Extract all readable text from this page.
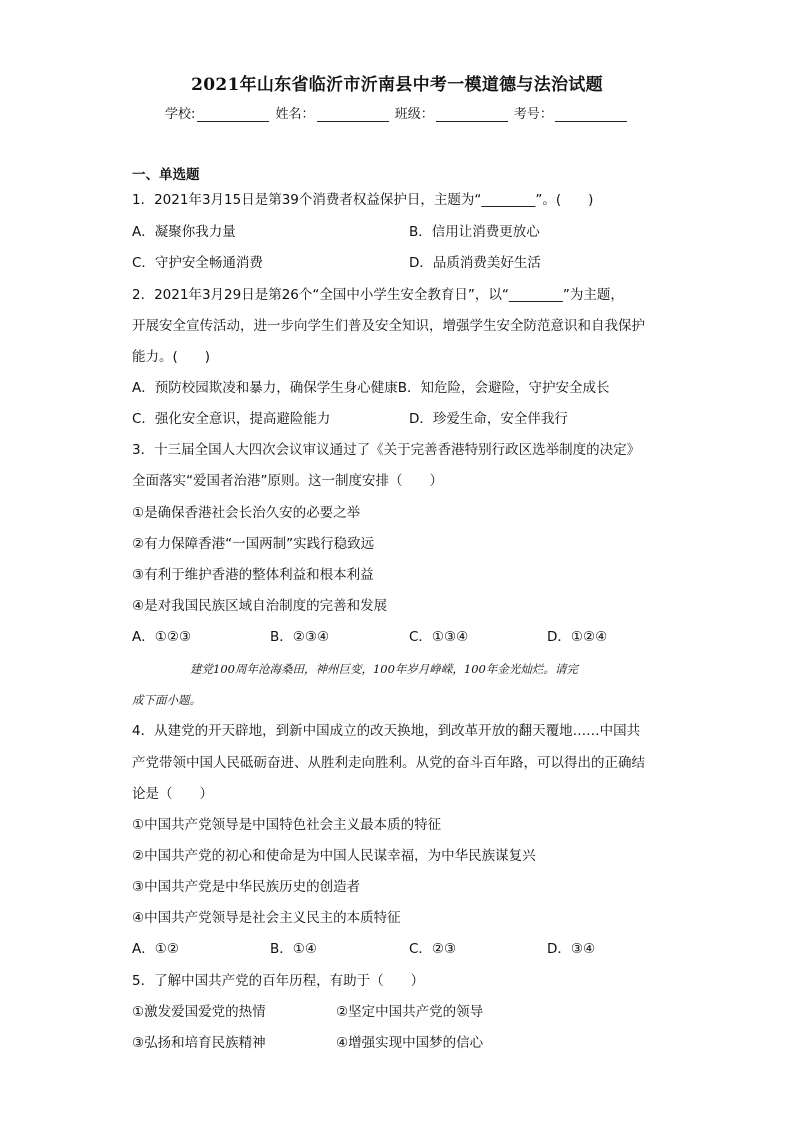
2021年山东省临沂市沂南县中考一模道德与法治试题
学校:	姓名：	班级：	考号：
一、单选题
1．2021年3月15日是第39个消费者权益保护日，主题为“________”。(　　)
A．凝聚你我力量	B．信用让消费更放心
C．守护安全畅通消费	D．品质消费美好生活
2．2021年3月29日是第26个“全国中小学生安全教育日”，以“________”为主题，
开展安全宣传活动，进一步向学生们普及安全知识，增强学生安全防范意识和自我保护
能力。(　　)
A．预防校园欺凌和暴力，确保学生身心健康B．知危险，会避险，守护安全成长
C．强化安全意识，提高避险能力	D．珍爱生命，安全伴我行
3．十三届全国人大四次会议审议通过了《关于完善香港特别行政区选举制度的决定》
全面落实“爱国者治港”原则。这一制度安排（　　）
①是确保香港社会长治久安的必要之举
②有力保障香港“一国两制”实践行稳致远
③有利于维护香港的整体利益和根本利益
④是对我国民族区域自治制度的完善和发展
A．①②③	B．②③④	C．①③④	D．①②④
建党100周年沧海桑田，神州巨变，100年岁月峥嵘，100年金光灿烂。请完
成下面小题。
4．从建党的开天辟地，到新中国成立的改天换地，到改革开放的翻天覆地……中国共
产党带领中国人民砥砺奋进、从胜利走向胜利。从党的奋斗百年路，可以得出的正确结
论是（　　）
①中国共产党领导是中国特色社会主义最本质的特征
②中国共产党的初心和使命是为中国人民谋幸福，为中华民族谋复兴
③中国共产党是中华民族历史的创造者
④中国共产党领导是社会主义民主的本质特征
A．①②	B．①④	C．②③	D．③④
5．了解中国共产党的百年历程，有助于（　　）
①激发爱国爱党的热情	②坚定中国共产党的领导
③弘扬和培育民族精神	④增强实现中国梦的信心
